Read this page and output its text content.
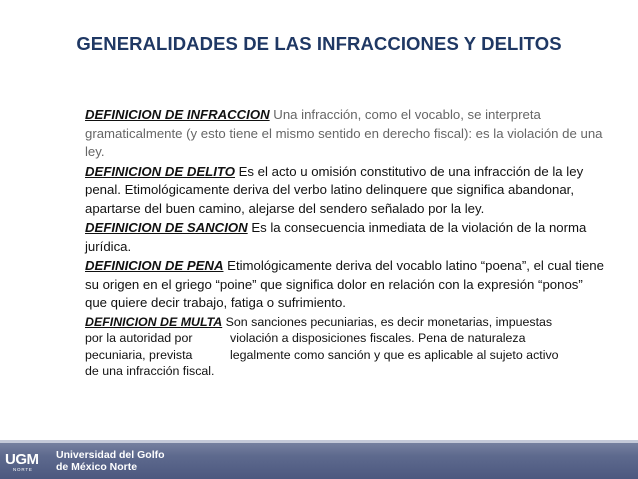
GENERALIDADES DE LAS INFRACCIONES Y DELITOS
DEFINICION DE INFRACCION Una infracción, como el vocablo, se interpreta gramaticalmente (y esto tiene el mismo sentido en derecho fiscal): es la violación de una ley.
DEFINICION DE DELITO Es el acto u omisión constitutivo de una infracción de la ley penal. Etimológicamente deriva del verbo latino delinquere que significa abandonar, apartarse del buen camino, alejarse del sendero señalado por la ley.
DEFINICION DE SANCION Es la consecuencia inmediata de la violación de la norma jurídica.
DEFINICION DE PENA Etimológicamente deriva del vocablo latino “poena”, el cual tiene su origen en el griego “poine” que significa dolor en relación con la expresión “ponos” que quiere decir trabajo, fatiga o sufrimiento.
DEFINICION DE MULTA Son sanciones pecuniarias, es decir monetarias, impuestas
por la autoridad por	violación a disposiciones fiscales. Pena de naturaleza
pecuniaria, prevista	legalmente como sanción y que es aplicable al sujeto activo
de una infracción fiscal.
UGM
NORTE
Universidad del Golfo
de México Norte
